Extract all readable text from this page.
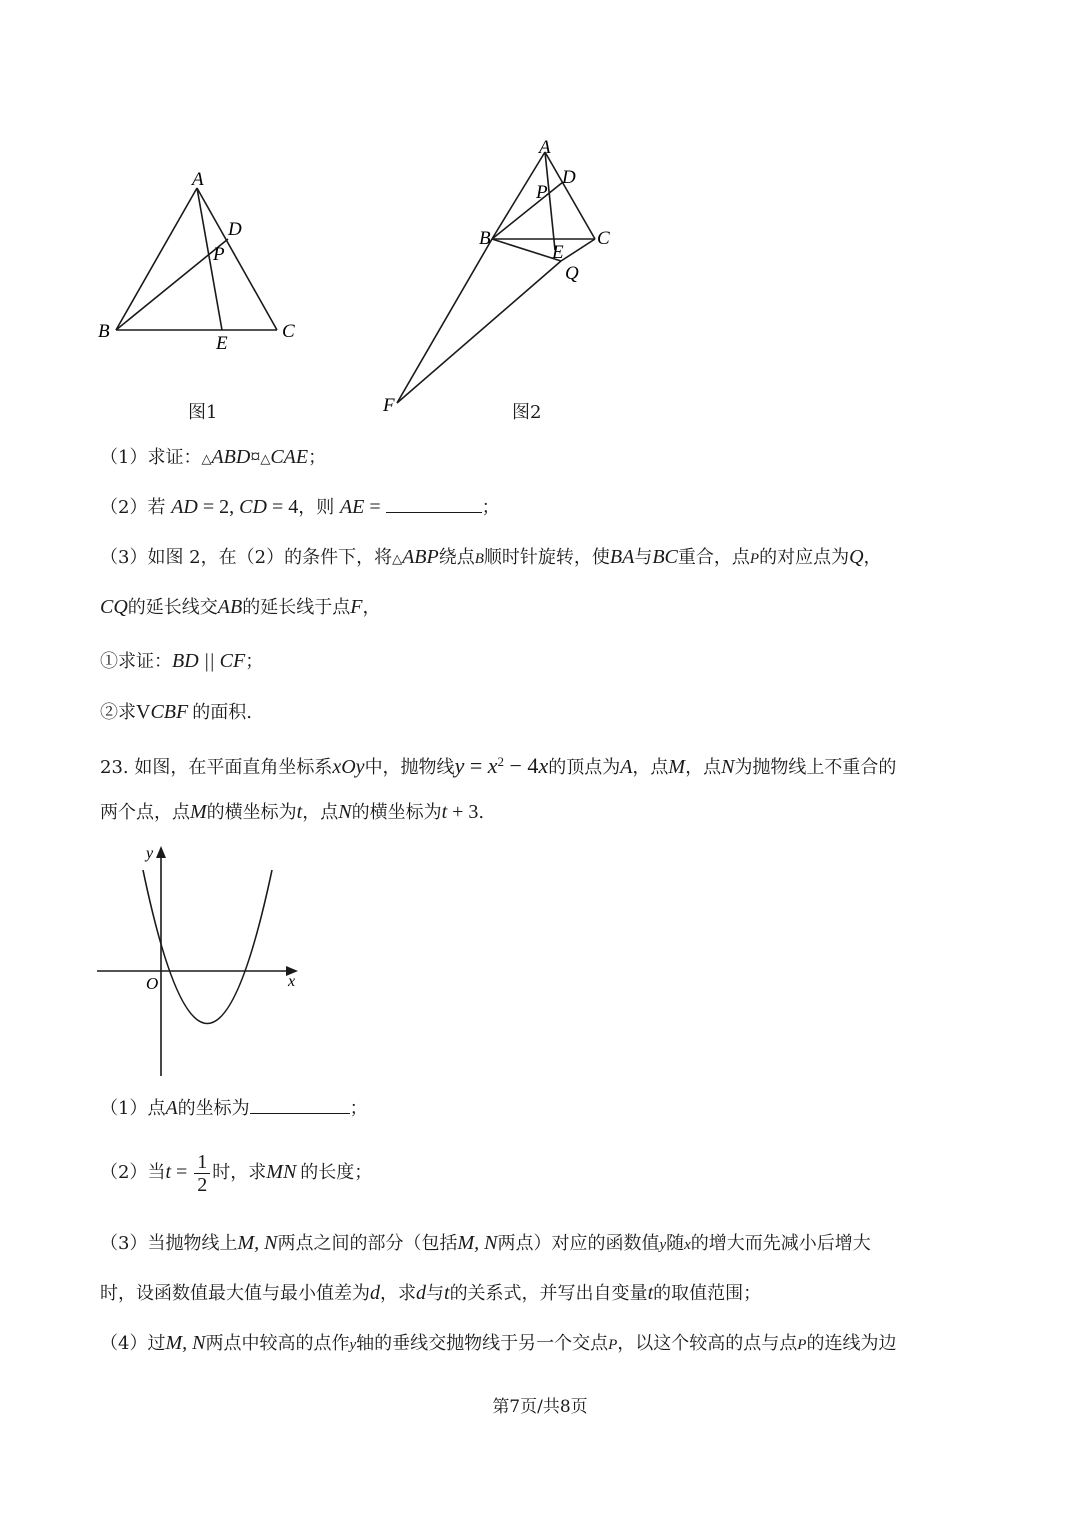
A
D
P
B
E
C
图1
A
D
P
B	C
E
Q
F	图2
（1）求证：△ABD¤△CAE；
（2）若 AD = 2, CD = 4，则 AE =	；
（3）如图 2，在（2）的条件下，将△ABP绕点B顺时针旋转，使BA与BC重合，点P的对应点为Q，
CQ的延长线交AB的延长线于点F，
①求证：BD || CF；
②求VCBF 的面积.
23. 如图，在平面直角坐标系xOy中，抛物线$y = x^2 - 4x$的顶点为A，点M，点N为抛物线上不重合的
两个点，点M的横坐标为t，点N的横坐标为t + 3.
y
x
O
（1）点A的坐标为	；
（2）当$t = \frac{1}{2}$ 时，求MN 的长度；
（3）当抛物线上M, N两点之间的部分（包括M, N两点）对应的函数值y随x的增大而先减小后增大
时，设函数值最大值与最小值差为d，求d与t的关系式，并写出自变量t的取值范围；
（4）过M, N两点中较高的点作y轴的垂线交抛物线于另一个交点P，以这个较高的点与点P的连线为边
第7页/共8页
